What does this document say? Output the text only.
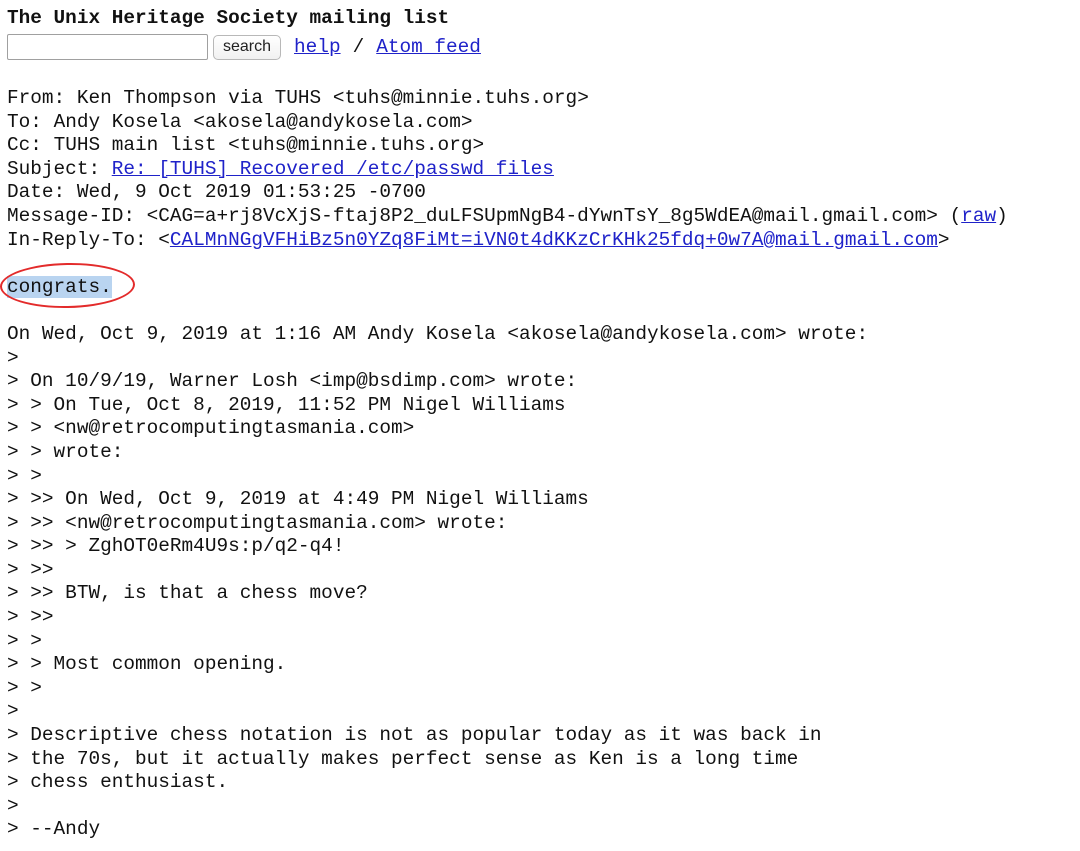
The Unix Heritage Society mailing list
search	help / Atom feed
From: Ken Thompson via TUHS <tuhs@minnie.tuhs.org>
To: Andy Kosela <akosela@andykosela.com>
Cc: TUHS main list <tuhs@minnie.tuhs.org>
Subject: Re: [TUHS] Recovered /etc/passwd files
Date: Wed, 9 Oct 2019 01:53:25 -0700
Message-ID: <CAG=a+rj8VcXjS-ftaj8P2_duLFSUpmNgB4-dYwnTsY_8g5WdEA@mail.gmail.com> (raw)
In-Reply-To: <CALMnNGgVFHiBz5n0YZq8FiMt=iVN0t4dKKzCrKHk25fdq+0w7A@mail.gmail.com>
congrats.
On Wed, Oct 9, 2019 at 1:16 AM Andy Kosela <akosela@andykosela.com> wrote:
>
> On 10/9/19, Warner Losh <imp@bsdimp.com> wrote:
> > On Tue, Oct 8, 2019, 11:52 PM Nigel Williams
> > <nw@retrocomputingtasmania.com>
> > wrote:
> >
> >> On Wed, Oct 9, 2019 at 4:49 PM Nigel Williams
> >> <nw@retrocomputingtasmania.com> wrote:
> >> > ZghOT0eRm4U9s:p/q2-q4!
> >>
> >> BTW, is that a chess move?
> >>
> >
> > Most common opening.
> >
>
> Descriptive chess notation is not as popular today as it was back in
> the 70s, but it actually makes perfect sense as Ken is a long time
> chess enthusiast.
>
> --Andy
